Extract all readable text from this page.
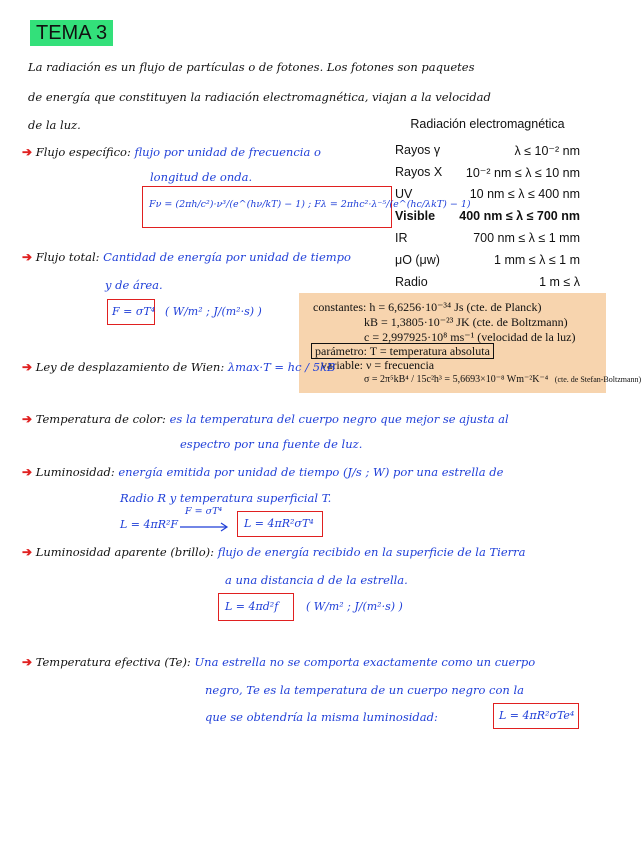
TEMA 3
La radiación es un flujo de partículas o de fotones. Los fotones son paquetes
de energía que constituyen la radiación electromagnética, viajan a la velocidad
de la luz.	Radiación electromagnética
Rayos γ	λ ≤ 10⁻² nm
Rayos X	10⁻² nm ≤ λ ≤ 10 nm
UV	10 nm ≤ λ ≤ 400 nm
Visible	400 nm ≤ λ ≤ 700 nm
IR	700 nm ≤ λ ≤ 1 mm
μO (μw)	1 mm ≤ λ ≤ 1 m
Radio	1 m ≤ λ
➔ Flujo específico: flujo por unidad de frecuencia o
longitud de onda.
Fν = (2πh/c²)·ν³/(e^(hν/kT) − 1) ; Fλ = 2πhc²·λ⁻⁵/(e^(hc/λkT) − 1)
➔ Flujo total: Cantidad de energía por unidad de tiempo
y de área.
F = σT⁴ ( W/m² ; J/(m²·s) )	constantes: h = 6,6256·10⁻³⁴ Js (cte. de Planck)
kB = 1,3805·10⁻²³ JK (cte. de Boltzmann)
c = 2,997925·10⁸ ms⁻¹ (velocidad de la luz)
parámetro: T = temperatura absoluta
variable: ν = frecuencia
σ = 2π⁵kB⁴ / 15c²h³ = 5,6693×10⁻⁸ Wm⁻²K⁻⁴ (cte. de Stefan-Boltzmann)
➔ Ley de desplazamiento de Wien: λmax·T = hc / 5kB
➔ Temperatura de color: es la temperatura del cuerpo negro que mejor se ajusta al
espectro por una fuente de luz.
➔ Luminosidad: energía emitida por unidad de tiempo (J/s ; W) por una estrella de
Radio R y temperatura superficial T.
L = 4πR²F
F = σT⁴
L = 4πR²σT⁴
➔ Luminosidad aparente (brillo): flujo de energía recibido en la superficie de la Tierra
a una distancia d de la estrella.
L = 4πd²f	( W/m² ; J/(m²·s) )
➔ Temperatura efectiva (Te): Una estrella no se comporta exactamente como un cuerpo
negro, Te es la temperatura de un cuerpo negro con la
que se obtendría la misma luminosidad:	L = 4πR²σTe⁴
